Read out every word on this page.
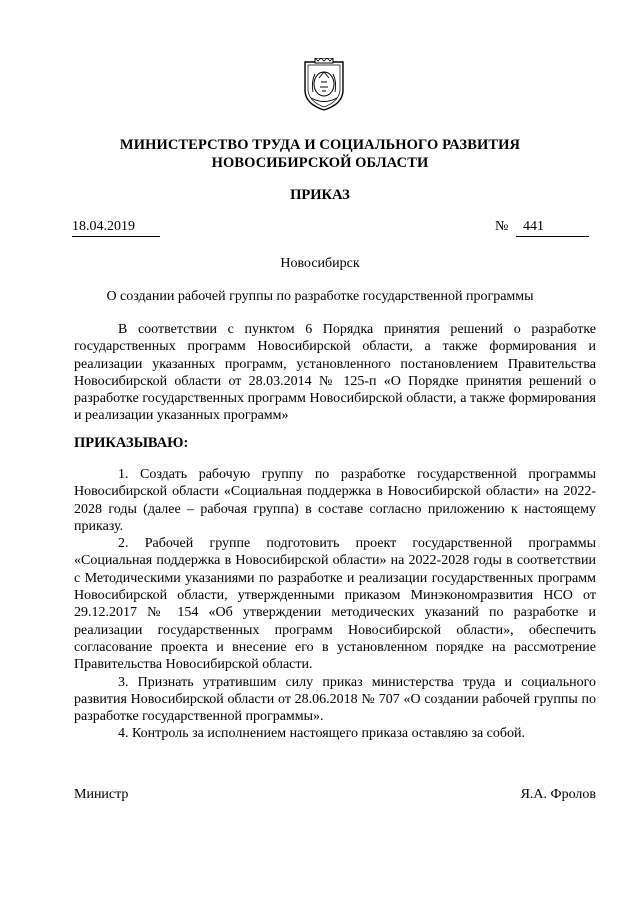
МИНИСТЕРСТВО ТРУДА И СОЦИАЛЬНОГО РАЗВИТИЯ
НОВОСИБИРСКОЙ ОБЛАСТИ
ПРИКАЗ
18.04.2019	№	441
Новосибирск
О создании рабочей группы по разработке государственной программы

В соответствии с пунктом 6 Порядка принятия решений о разработке государственных программ Новосибирской области, а также формирования и реализации указанных программ, установленного постановлением Правительства Новосибирской области от 28.03.2014 № 125-п «О Порядке принятия решений о разработке государственных программ Новосибирской области, а также формирования и реализации указанных программ»

ПРИКАЗЫВАЮ:

1. Создать рабочую группу по разработке государственной программы Новосибирской области «Социальная поддержка в Новосибирской области» на 2022-2028 годы (далее – рабочая группа) в составе согласно приложению к настоящему приказу.

2. Рабочей группе подготовить проект государственной программы «Социальная поддержка в Новосибирской области» на 2022-2028 годы в соответствии с Методическими указаниями по разработке и реализации государственных программ Новосибирской области, утвержденными приказом Минэкономразвития НСО от 29.12.2017 № 154 «Об утверждении методических указаний по разработке и реализации государственных программ Новосибирской области», обеспечить согласование проекта и внесение его в установленном порядке на рассмотрение Правительства Новосибирской области.

3. Признать утратившим силу приказ министерства труда и социального развития Новосибирской области от 28.06.2018 № 707 «О создании рабочей группы по разработке государственной программы».

4. Контроль за исполнением настоящего приказа оставляю за собой.

Министр	Я.А. Фролов
